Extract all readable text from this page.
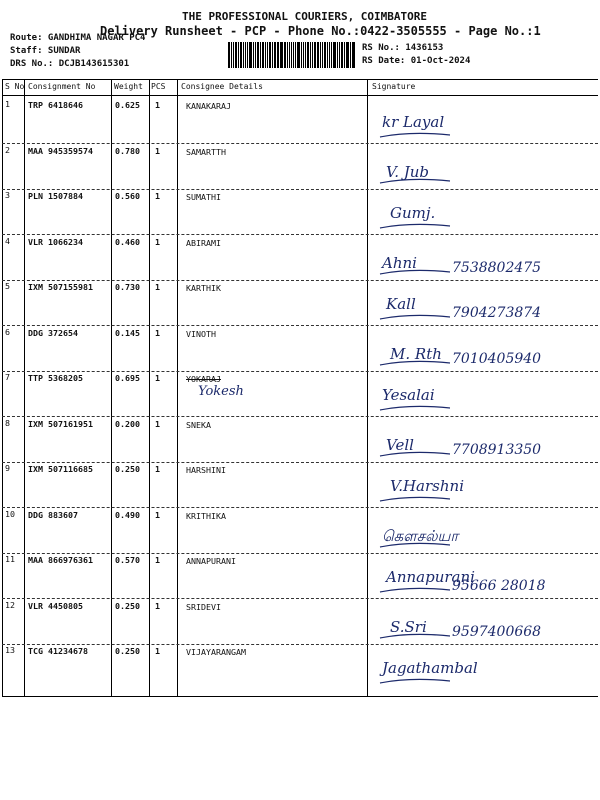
THE PROFESSIONAL COURIERS, COIMBATORE
Delivery Runsheet - PCP - Phone No.:0422-3505555 - Page No.:1
Route: GANDHIMA NAGAR PC4
Staff: SUNDAR
DRS No.: DCJB143615301
RS No.: 1436153
RS Date: 01-Oct-2024
S No Consignment No Weight PCS Consignee Details	Signature
1 TRP 6418646	0.625 1	KANAKARAJ
kr Layal
2 MAA 945359574	0.780 1	SAMARTTH
V. Jub
3 PLN 1507884	0.560 1	SUMATHI
Gumj.
4 VLR 1066234	0.460 1	ABIRAMI
Ahni	7538802475
5 IXM 507155981	0.730 1	KARTHIK
Kall	7904273874
6 DDG 372654	0.145 1	VINOTH
M. Rth 7010405940
7 TTP 5368205	0.695 1	YOKARAJ
Yokesh	Yesalai
8 IXM 507161951	0.200 1	SNEKA
Vell	7708913350
9 IXM 507116685	0.250 1	HARSHINI
V.Harshni
10 DDG 883607	0.490 1	KRITHIKA
கௌசல்யா
11 MAA 866976361	0.570 1	ANNAPURANI
Annapurani
95666 28018
12 VLR 4450805	0.250 1	SRIDEVI
S.Sri 9597400668
13 TCG 41234678	0.250 1	VIJAYARANGAM
Jagathambal
